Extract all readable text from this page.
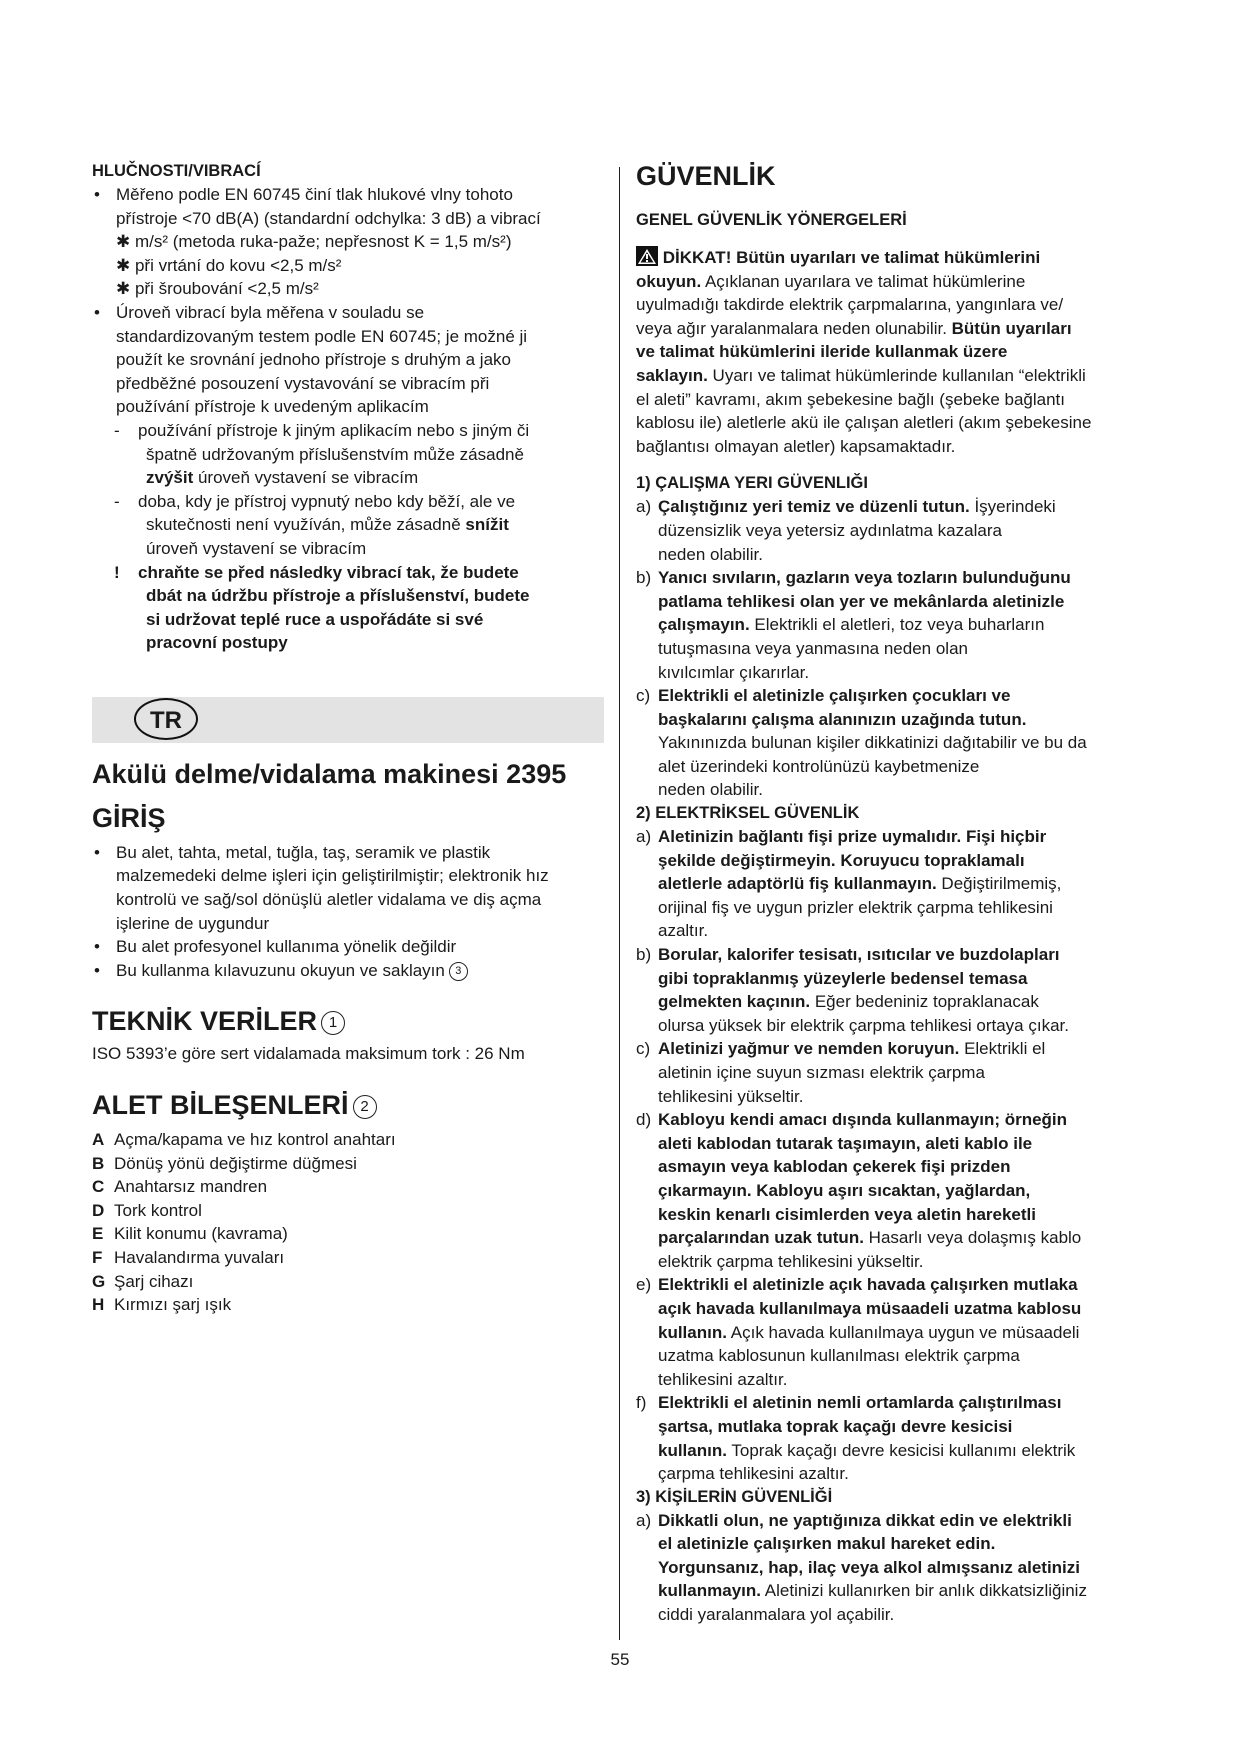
HLUČNOSTI/VIBRACÍ
• Měřeno podle EN 60745 činí tlak hlukové vlny tohoto
přístroje <70 dB(A) (standardní odchylka: 3 dB) a vibrací
✱ m/s² (metoda ruka-paže; nepřesnost K = 1,5 m/s²)
✱ při vrtání do kovu <2,5 m/s²
✱ při šroubování <2,5 m/s²
• Úroveň vibrací byla měřena v souladu se
standardizovaným testem podle EN 60745; je možné ji
použít ke srovnání jednoho přístroje s druhým a jako
předběžné posouzení vystavování se vibracím při
používání přístroje k uvedeným aplikacím
- používání přístroje k jiným aplikacím nebo s jiným či
špatně udržovaným příslušenstvím může zásadně
zvýšit úroveň vystavení se vibracím
- doba, kdy je přístroj vypnutý nebo kdy běží, ale ve
skutečnosti není využíván, může zásadně snížit
úroveň vystavení se vibracím
! chraňte se před následky vibrací tak, že budete
dbát na údržbu přístroje a příslušenství, budete
si udržovat teplé ruce a uspořádáte si své
pracovní postupy
TR
Akülü delme/vidalama makinesi 2395
GİRİŞ
• Bu alet, tahta, metal, tuğla, taş, seramik ve plastik
malzemedeki delme işleri için geliştirilmiştir; elektronik hız
kontrolü ve sağ/sol dönüşlü aletler vidalama ve diş açma
işlerine de uygundur
• Bu alet profesyonel kullanıma yönelik değildir
• Bu kullanma kılavuzunu okuyun ve saklayın 3
TEKNİK VERİLER 1
ISO 5393’e göre sert vidalamada maksimum tork : 26 Nm
ALET BİLEŞENLERİ 2
A Açma/kapama ve hız kontrol anahtarı
B Dönüş yönü değiştirme düğmesi
C Anahtarsız mandren
D Tork kontrol
E Kilit konumu (kavrama)
F Havalandırma yuvaları
G Şarj cihazı
H Kırmızı şarj ışık
GÜVENLİK
GENEL GÜVENLİK YÖNERGELERİ
DİKKAT! Bütün uyarıları ve talimat hükümlerini
okuyun. Açıklanan uyarılara ve talimat hükümlerine
uyulmadığı takdirde elektrik çarpmalarına, yangınlara ve/
veya ağır yaralanmalara neden olunabilir. Bütün uyarıları
ve talimat hükümlerini ileride kullanmak üzere
saklayın. Uyarı ve talimat hükümlerinde kullanılan “elektrikli
el aleti” kavramı, akım şebekesine bağlı (şebeke bağlantı
kablosu ile) aletlerle akü ile çalışan aletleri (akım şebekesine
bağlantısı olmayan aletler) kapsamaktadır.
1) ÇALIŞMA YERI GÜVENLIĞI
a) Çalıştığınız yeri temiz ve düzenli tutun. İşyerindeki
düzensizlik veya yetersiz aydınlatma kazalara
neden olabilir.
b) Yanıcı sıvıların, gazların veya tozların bulunduğunu
patlama tehlikesi olan yer ve mekânlarda aletinizle
çalışmayın. Elektrikli el aletleri, toz veya buharların
tutuşmasına veya yanmasına neden olan
kıvılcımlar çıkarırlar.
c) Elektrikli el aletinizle çalışırken çocukları ve
başkalarını çalışma alanınızın uzağında tutun.
Yakınınızda bulunan kişiler dikkatinizi dağıtabilir ve bu da
alet üzerindeki kontrolünüzü kaybetmenize
neden olabilir.
2) ELEKTRİKSEL GÜVENLİK
a) Aletinizin bağlantı fişi prize uymalıdır. Fişi hiçbir
şekilde değiştirmeyin. Koruyucu topraklamalı
aletlerle adaptörlü fiş kullanmayın. Değiştirilmemiş,
orijinal fiş ve uygun prizler elektrik çarpma tehlikesini
azaltır.
b) Borular, kalorifer tesisatı, ısıtıcılar ve buzdolapları
gibi topraklanmış yüzeylerle bedensel temasa
gelmekten kaçının. Eğer bedeniniz topraklanacak
olursa yüksek bir elektrik çarpma tehlikesi ortaya çıkar.
c) Aletinizi yağmur ve nemden koruyun. Elektrikli el
aletinin içine suyun sızması elektrik çarpma
tehlikesini yükseltir.
d) Kabloyu kendi amacı dışında kullanmayın; örneğin
aleti kablodan tutarak taşımayın, aleti kablo ile
asmayın veya kablodan çekerek fişi prizden
çıkarmayın. Kabloyu aşırı sıcaktan, yağlardan,
keskin kenarlı cisimlerden veya aletin hareketli
parçalarından uzak tutun. Hasarlı veya dolaşmış kablo
elektrik çarpma tehlikesini yükseltir.
e) Elektrikli el aletinizle açık havada çalışırken mutlaka
açık havada kullanılmaya müsaadeli uzatma kablosu
kullanın. Açık havada kullanılmaya uygun ve müsaadeli
uzatma kablosunun kullanılması elektrik çarpma
tehlikesini azaltır.
f) Elektrikli el aletinin nemli ortamlarda çalıştırılması
şartsa, mutlaka toprak kaçağı devre kesicisi
kullanın. Toprak kaçağı devre kesicisi kullanımı elektrik
çarpma tehlikesini azaltır.
3) KİŞİLERİN GÜVENLİĞİ
a) Dikkatli olun, ne yaptığınıza dikkat edin ve elektrikli
el aletinizle çalışırken makul hareket edin.
Yorgunsanız, hap, ilaç veya alkol almışsanız aletinizi
kullanmayın. Aletinizi kullanırken bir anlık dikkatsizliğiniz
ciddi yaralanmalara yol açabilir.
55
